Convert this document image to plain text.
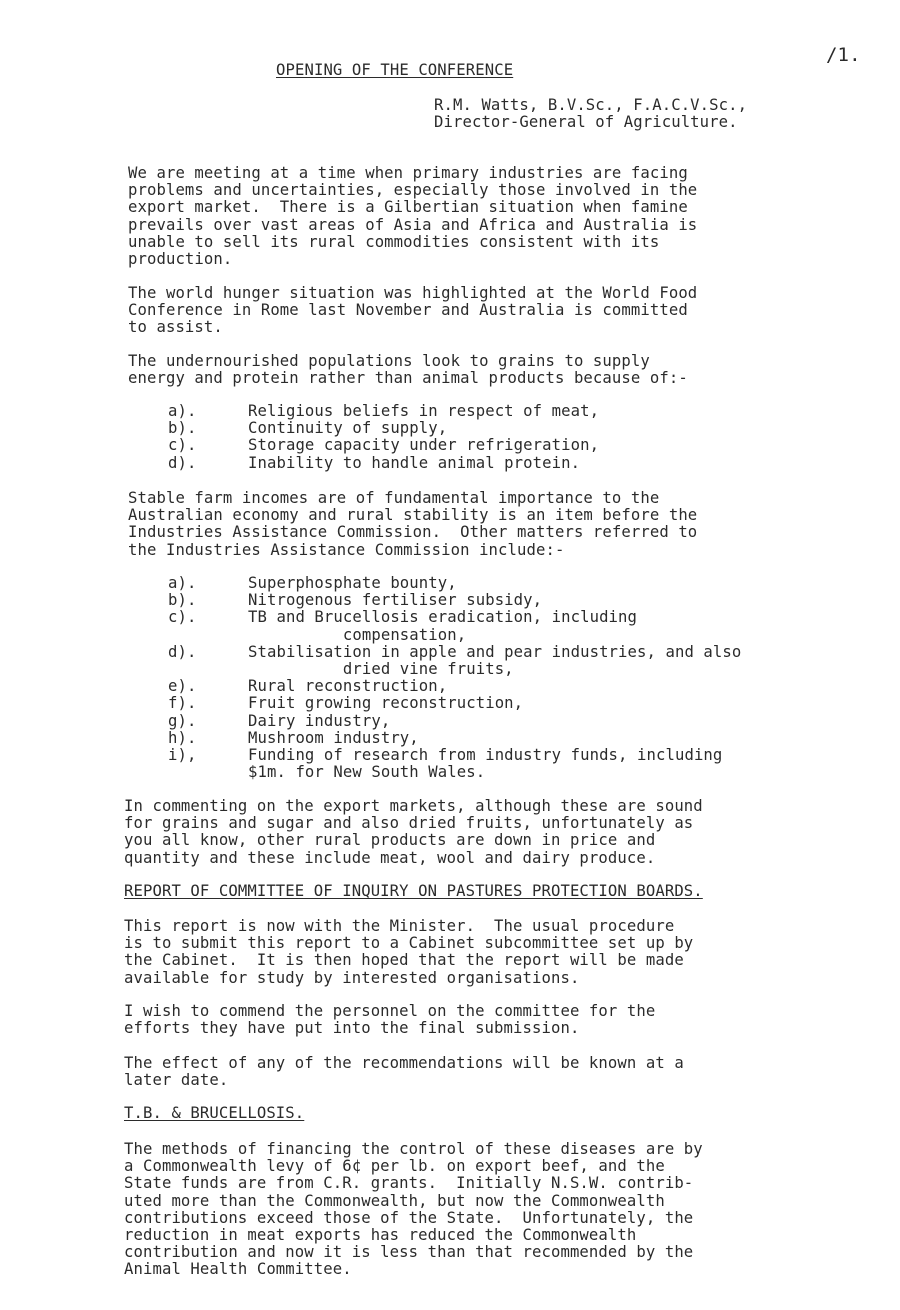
/1.
OPENING OF THE CONFERENCE
R.M. Watts, B.V.Sc., F.A.C.V.Sc.,
Director-General of Agriculture.
We are meeting at a time when primary industries are facing
problems and uncertainties, especially those involved in the
export market.  There is a Gilbertian situation when famine
prevails over vast areas of Asia and Africa and Australia is
unable to sell its rural commodities consistent with its
production.
The world hunger situation was highlighted at the World Food
Conference in Rome last November and Australia is committed
to assist.
The undernourished populations look to grains to supply
energy and protein rather than animal products because of:-
a).	Religious beliefs in respect of meat,
b).	Continuity of supply,
c).	Storage capacity under refrigeration,
d).	Inability to handle animal protein.
Stable farm incomes are of fundamental importance to the
Australian economy and rural stability is an item before the
Industries Assistance Commission.  Other matters referred to
the Industries Assistance Commission include:-
a).	Superphosphate bounty,
b).	Nitrogenous fertiliser subsidy,
c).	TB and Brucellosis eradication, including
compensation,
d).	Stabilisation in apple and pear industries, and also
dried vine fruits,
e).	Rural reconstruction,
f).	Fruit growing reconstruction,
g).	Dairy industry,
h).	Mushroom industry,
i),	Funding of research from industry funds, including
$1m. for New South Wales.
In commenting on the export markets, although these are sound
for grains and sugar and also dried fruits, unfortunately as
you all know, other rural products are down in price and
quantity and these include meat, wool and dairy produce.
REPORT OF COMMITTEE OF INQUIRY ON PASTURES PROTECTION BOARDS.
This report is now with the Minister.  The usual procedure
is to submit this report to a Cabinet subcommittee set up by
the Cabinet.  It is then hoped that the report will be made
available for study by interested organisations.
I wish to commend the personnel on the committee for the
efforts they have put into the final submission.
The effect of any of the recommendations will be known at a
later date.
T.B. & BRUCELLOSIS.
The methods of financing the control of these diseases are by
a Commonwealth levy of 6¢ per lb. on export beef, and the
State funds are from C.R. grants.  Initially N.S.W. contrib-
uted more than the Commonwealth, but now the Commonwealth
contributions exceed those of the State.  Unfortunately, the
reduction in meat exports has reduced the Commonwealth
contribution and now it is less than that recommended by the
Animal Health Committee.
